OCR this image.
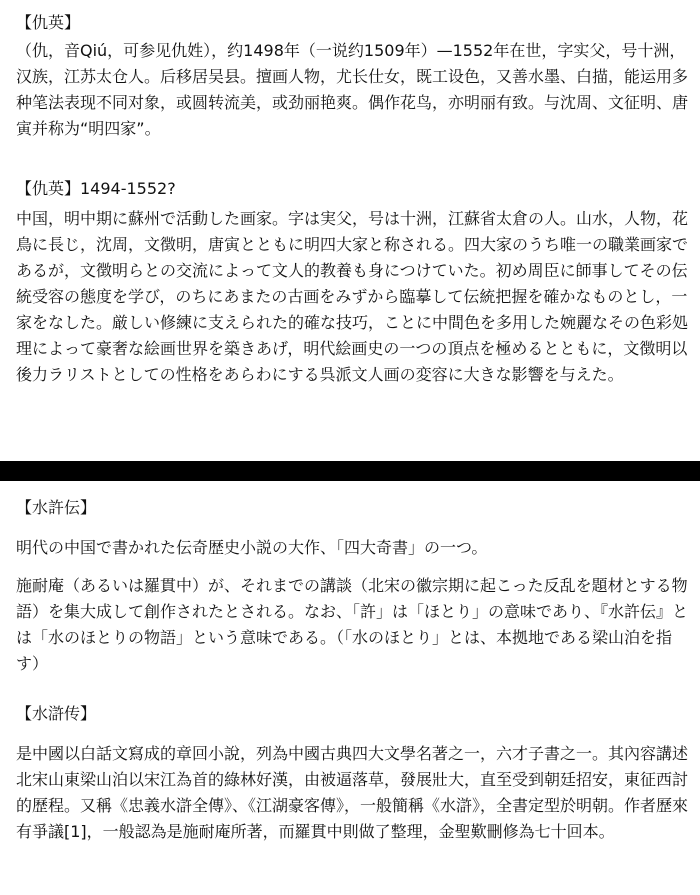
【仇英】
（仇，音Qiú，可参见仇姓），约1498年（一说约1509年）—1552年在世，字实父，号十洲，汉族，江苏太仓人。后移居吴县。擅画人物，尤长仕女，既工设色，又善水墨、白描，能运用多种笔法表现不同对象，或圆转流美，或劲丽艳爽。偶作花鸟，亦明丽有致。与沈周、文征明、唐寅并称为“明四家”。
【仇英】1494-1552?
中国，明中期に蘇州で活動した画家。字は実父，号は十洲，江蘇省太倉の人。山水，人物，花鳥に長じ，沈周，文徴明，唐寅とともに明四大家と称される。四大家のうち唯一の職業画家であるが，文徴明らとの交流によって文人的教養も身につけていた。初め周臣に師事してその伝統受容の態度を学び，のちにあまたの古画をみずから臨摹して伝統把握を確かなものとし，一家をなした。厳しい修練に支えられた的確な技巧，ことに中間色を多用した婉麗なその色彩処理によって豪奢な絵画世界を築きあげ，明代絵画史の一つの頂点を極めるとともに，文徴明以後力ラリストとしての性格をあらわにする呉派文人画の変容に大きな影響を与えた。
【水許伝】
明代の中国で書かれた伝奇歴史小説の大作、「四大奇書」の一つ。
施耐庵（あるいは羅貫中）が、それまでの講談（北宋の徽宗期に起こった反乱を題材とする物語）を集大成して創作されたとされる。なお、「許」は「ほとり」の意味であり、『水許伝』とは「水のほとりの物語」という意味である。（「水のほとり」とは、本拠地である梁山泊を指す）
【水滸传】
是中國以白話文寫成的章回小說，列為中國古典四大文學名著之一，六才子書之一。其內容講述北宋山東梁山泊以宋江為首的綠林好漢，由被逼落草，發展壯大，直至受到朝廷招安，東征西討的歷程。又稱《忠義水滸全傳》、《江湖豪客傳》，一般簡稱《水滸》，全書定型於明朝。作者歷來有爭議[1]，一般認為是施耐庵所著，而羅貫中則做了整理，金聖歎刪修為七十回本。
